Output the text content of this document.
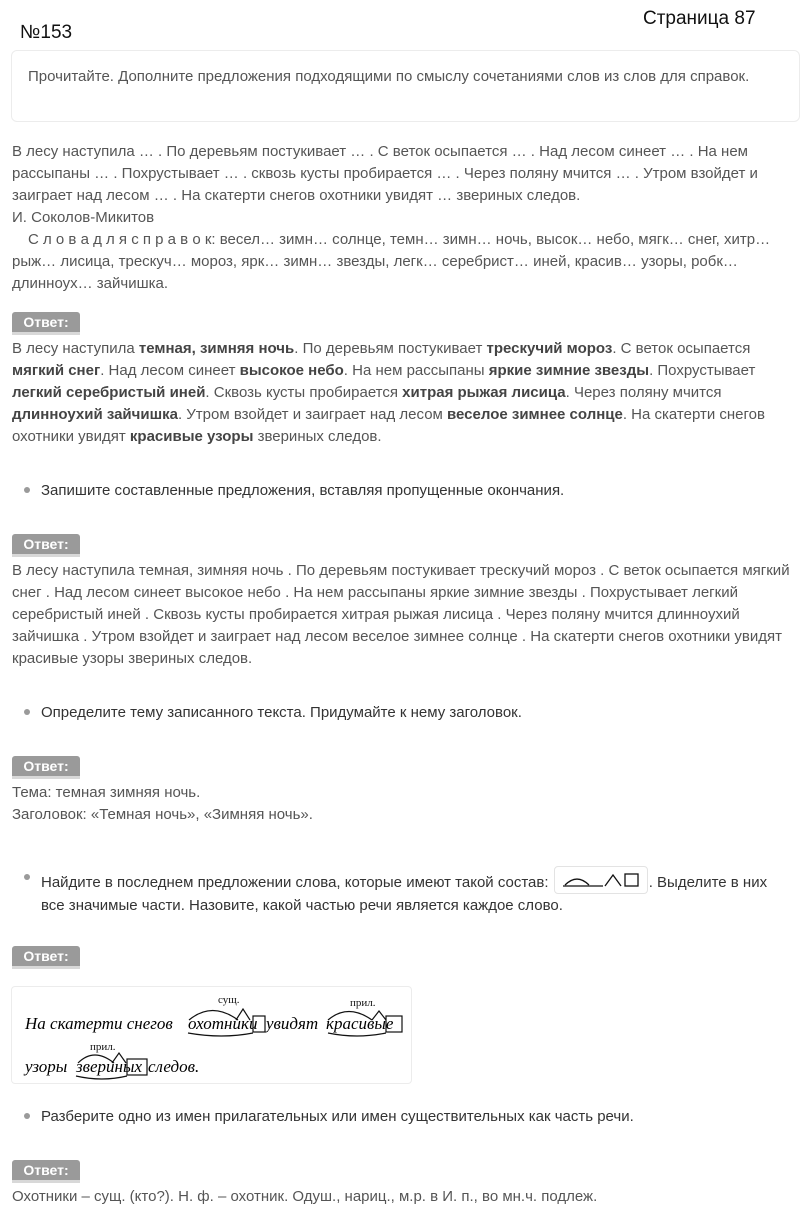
№153
Страница 87
Прочитайте. Дополните предложения подходящими по смыслу сочетаниями слов из слов для справок.

В лесу наступила … . По деревьям постукивает … . С веток осыпается … . Над лесом синеет … . На нем рассыпаны … . Похрустывает … . сквозь кусты пробирается … . Через поляну мчится … . Утром взойдет и заиграет над лесом … . На скатерти снегов охотники увидят … звериных следов.

И. Соколов-Микитов

С л о в а д л я с п р а в о к: весел… зимн… солнце, темн… зимн… ночь, высок… небо, мягк… снег, хитр… рыж… лисица, трескуч… мороз, ярк… зимн… звезды, легк… серебрист… иней, красив… узоры, робк… длинноух… зайчишка.

Ответ:
В лесу наступила темная, зимняя ночь. По деревьям постукивает трескучий мороз. С веток осыпается мягкий снег. Над лесом синеет высокое небо. На нем рассыпаны яркие зимние звезды. Похрустывает легкий серебристый иней. Сквозь кусты пробирается хитрая рыжая лисица. Через поляну мчится длинноухий зайчишка. Утром взойдет и заиграет над лесом веселое зимнее солнце. На скатерти снегов охотники увидят красивые узоры звериных следов.
Запишите составленные предложения, вставляя пропущенные окончания.
Ответ:
В лесу наступила темная, зимняя ночь . По деревьям постукивает трескучий мороз . С веток осыпается мягкий снег . Над лесом синеет высокое небо . На нем рассыпаны яркие зимние звезды . Похрустывает легкий серебристый иней . Сквозь кусты пробирается хитрая рыжая лисица . Через поляну мчится длинноухий зайчишка . Утром взойдет и заиграет над лесом веселое зимнее солнце . На скатерти снегов охотники увидят красивые узоры звериных следов.
Определите тему записанного текста. Придумайте к нему заголовок.
Ответ:

Тема: темная зимняя ночь.

Заголовок: «Темная ночь», «Зимняя ночь».

Найдите в последнем предложении слова, которые имеют такой состав:	. Выделите в них все значимые части. Назовите, какой частью речи является каждое слово.
Ответ:
На скатерти снегов охотники увидят красивые
узоры звериных следов.
сущ.	прил.
прил.
Разберите одно из имен прилагательных или имен существительных как часть речи.
Ответ:
Охотники – сущ. (кто?). Н. ф. – охотник. Одуш., нариц., м.р. в И. п., во мн.ч. подлеж.
